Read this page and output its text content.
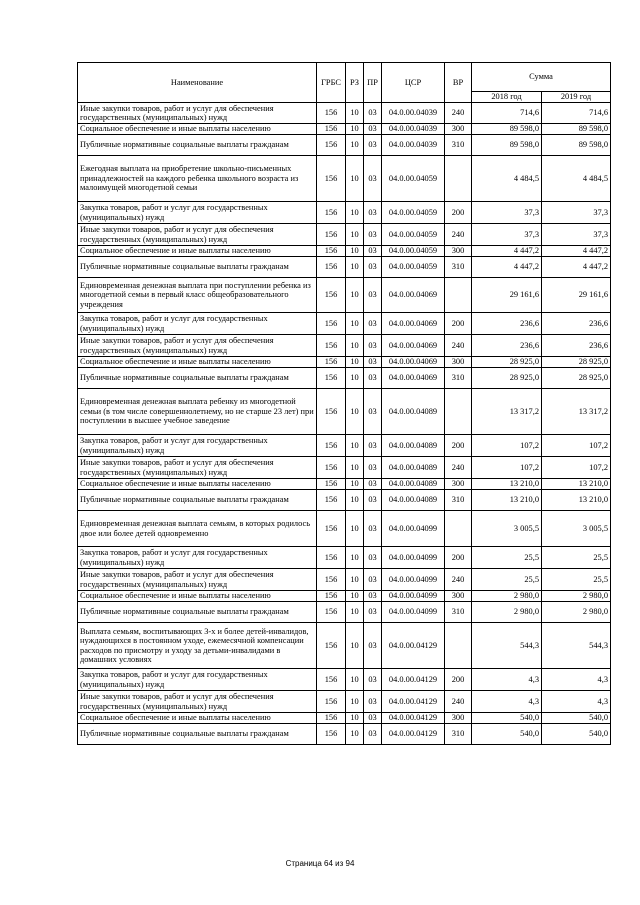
Наименование	ГРБС	РЗ	ПР	ЦСР	ВР	Сумма	
						2018 год	2019 год
Иные закупки товаров, работ и услуг для обеспечения государственных (муниципальных) нужд	156	10	03	04.0.00.04039	240	714,6	714,6
Социальное обеспечение и иные выплаты населению	156	10	03	04.0.00.04039	300	89 598,0	89 598,0
Публичные нормативные социальные выплаты гражданам	156	10	03	04.0.00.04039	310	89 598,0	89 598,0
Ежегодная выплата на приобретение школьно-письменных принадлежностей на каждого ребенка школьного возраста из малоимущей многодетной семьи	156	10	03	04.0.00.04059		4 484,5	4 484,5
Закупка товаров, работ и услуг для государственных (муниципальных) нужд	156	10	03	04.0.00.04059	200	37,3	37,3
Иные закупки товаров, работ и услуг для обеспечения государственных (муниципальных) нужд	156	10	03	04.0.00.04059	240	37,3	37,3
Социальное обеспечение и иные выплаты населению	156	10	03	04.0.00.04059	300	4 447,2	4 447,2
Публичные нормативные социальные выплаты гражданам	156	10	03	04.0.00.04059	310	4 447,2	4 447,2
Единовременная денежная выплата при поступлении ребенка из многодетной семьи в первый класс общеобразовательного учреждения	156	10	03	04.0.00.04069		29 161,6	29 161,6
Закупка товаров, работ и услуг для государственных (муниципальных) нужд	156	10	03	04.0.00.04069	200	236,6	236,6
Иные закупки товаров, работ и услуг для обеспечения государственных (муниципальных) нужд	156	10	03	04.0.00.04069	240	236,6	236,6
Социальное обеспечение и иные выплаты населению	156	10	03	04.0.00.04069	300	28 925,0	28 925,0
Публичные нормативные социальные выплаты гражданам	156	10	03	04.0.00.04069	310	28 925,0	28 925,0
Единовременная денежная выплата ребенку из многодетной семьи (в том числе совершеннолетнему, но не старше 23 лет) при поступлении в высшее учебное заведение	156	10	03	04.0.00.04089		13 317,2	13 317,2
Закупка товаров, работ и услуг для государственных (муниципальных) нужд	156	10	03	04.0.00.04089	200	107,2	107,2
Иные закупки товаров, работ и услуг для обеспечения государственных (муниципальных) нужд	156	10	03	04.0.00.04089	240	107,2	107,2
Социальное обеспечение и иные выплаты населению	156	10	03	04.0.00.04089	300	13 210,0	13 210,0
Публичные нормативные социальные выплаты гражданам	156	10	03	04.0.00.04089	310	13 210,0	13 210,0
Единовременная денежная выплата семьям, в которых родилось двое или более детей одновременно	156	10	03	04.0.00.04099		3 005,5	3 005,5
Закупка товаров, работ и услуг для государственных (муниципальных) нужд	156	10	03	04.0.00.04099	200	25,5	25,5
Иные закупки товаров, работ и услуг для обеспечения государственных (муниципальных) нужд	156	10	03	04.0.00.04099	240	25,5	25,5
Социальное обеспечение и иные выплаты населению	156	10	03	04.0.00.04099	300	2 980,0	2 980,0
Публичные нормативные социальные выплаты гражданам	156	10	03	04.0.00.04099	310	2 980,0	2 980,0
Выплата семьям, воспитывающих 3-х и более детей-инвалидов, нуждающихся в постоянном уходе, ежемесячной компенсации расходов по присмотру и уходу за детьми-инвалидами в домашних условиях	156	10	03	04.0.00.04129		544,3	544,3
Закупка товаров, работ и услуг для государственных (муниципальных) нужд	156	10	03	04.0.00.04129	200	4,3	4,3
Иные закупки товаров, работ и услуг для обеспечения государственных (муниципальных) нужд	156	10	03	04.0.00.04129	240	4,3	4,3
Социальное обеспечение и иные выплаты населению	156	10	03	04.0.00.04129	300	540,0	540,0
Публичные нормативные социальные выплаты гражданам	156	10	03	04.0.00.04129	310	540,0	540,0
Страница 64 из 94
